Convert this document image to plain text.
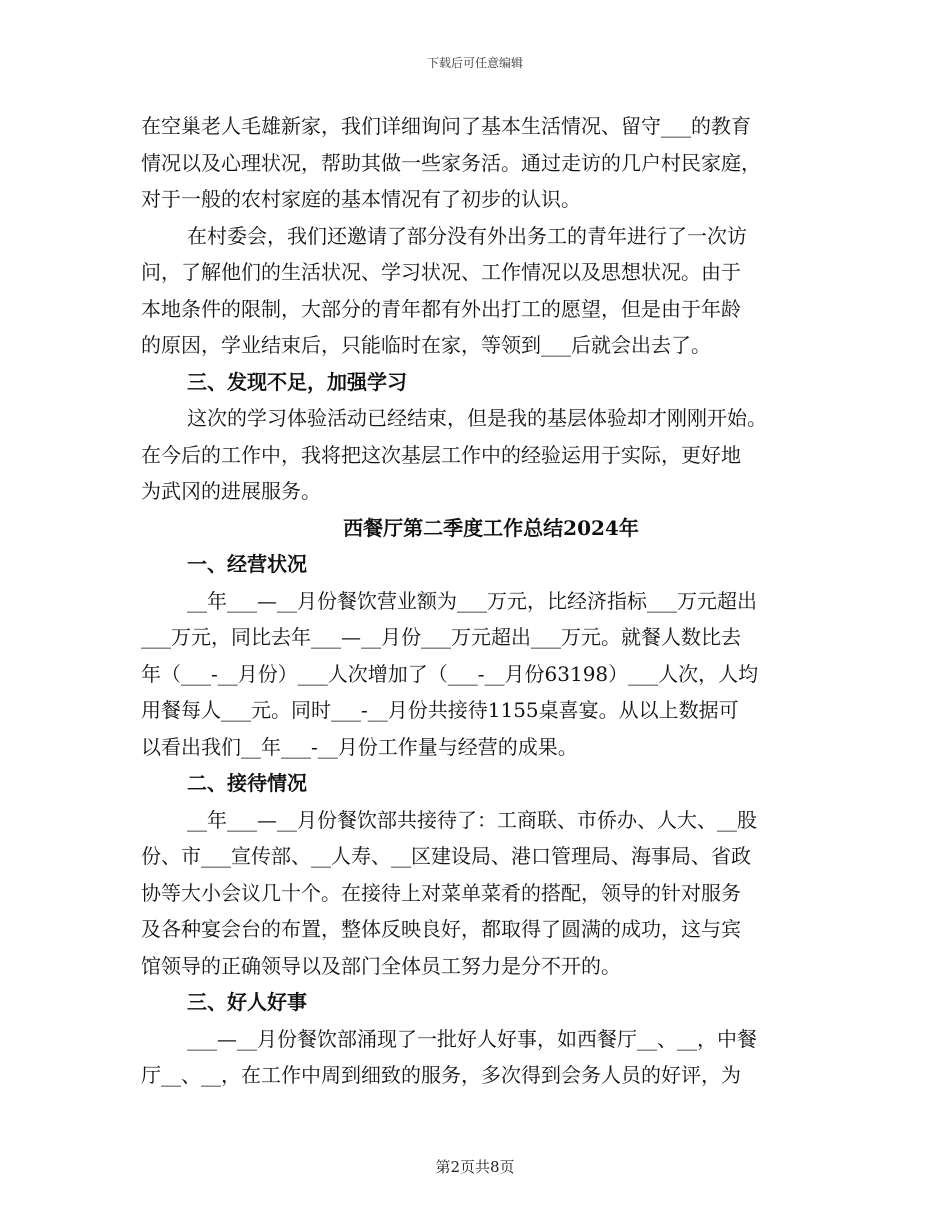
下载后可任意编辑
在空巢老人毛雄新家，我们详细询问了基本生活情况、留守___的教育
情况以及心理状况，帮助其做一些家务活。通过走访的几户村民家庭，
对于一般的农村家庭的基本情况有了初步的认识。
在村委会，我们还邀请了部分没有外出务工的青年进行了一次访
问，了解他们的生活状况、学习状况、工作情况以及思想状况。由于
本地条件的限制，大部分的青年都有外出打工的愿望，但是由于年龄
的原因，学业结束后，只能临时在家，等领到___后就会出去了。
三、发现不足，加强学习
这次的学习体验活动已经结束，但是我的基层体验却才刚刚开始。
在今后的工作中，我将把这次基层工作中的经验运用于实际，更好地
为武冈的进展服务。
西餐厅第二季度工作总结2024年
一、经营状况
__年___—__月份餐饮营业额为___万元，比经济指标___万元超出
___万元，同比去年___—__月份___万元超出___万元。就餐人数比去
年（___-__月份）___人次增加了（___-__月份63198）___人次，人均
用餐每人___元。同时___-__月份共接待1155桌喜宴。从以上数据可
以看出我们__年___-__月份工作量与经营的成果。
二、接待情况
__年___—__月份餐饮部共接待了：工商联、市侨办、人大、__股
份、市___宣传部、__人寿、__区建设局、港口管理局、海事局、省政
协等大小会议几十个。在接待上对菜单菜肴的搭配，领导的针对服务
及各种宴会台的布置，整体反映良好，都取得了圆满的成功，这与宾
馆领导的正确领导以及部门全体员工努力是分不开的。
三、好人好事
___—__月份餐饮部涌现了一批好人好事，如西餐厅__、__，中餐
厅__、__，在工作中周到细致的服务，多次得到会务人员的好评，为
第2页共8页
